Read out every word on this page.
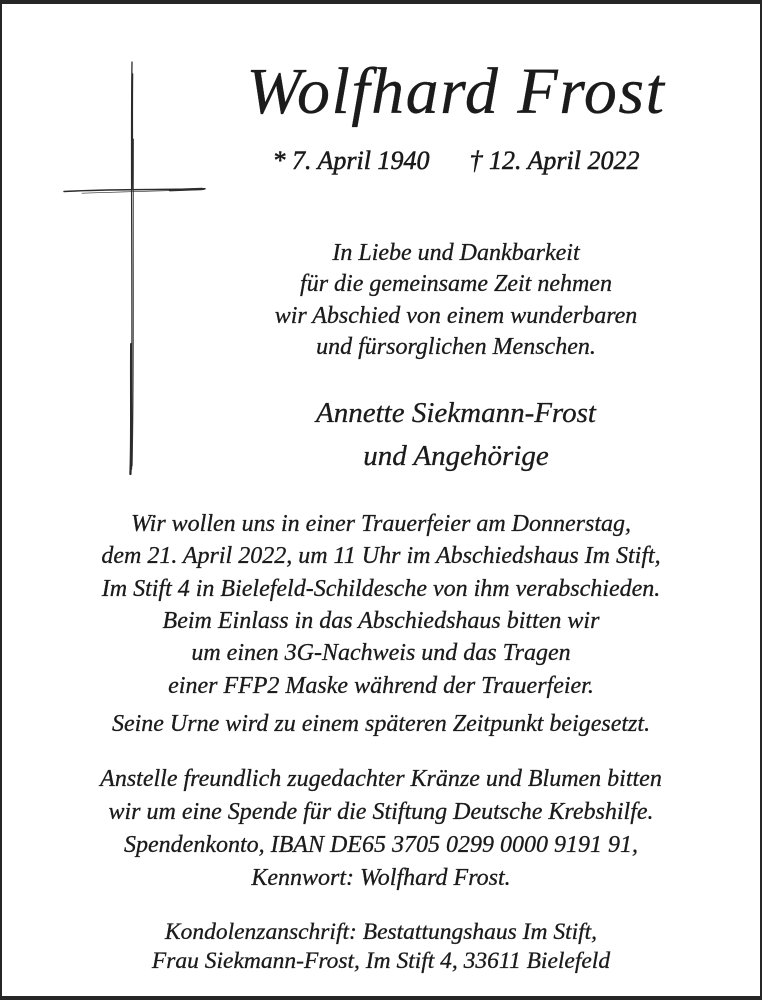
Wolfhard Frost
* 7. April 1940 † 12. April 2022
In Liebe und Dankbarkeit
für die gemeinsame Zeit nehmen
wir Abschied von einem wunderbaren
und fürsorglichen Menschen.
Annette Siekmann-Frost
und Angehörige
Wir wollen uns in einer Trauerfeier am Donnerstag,
dem 21. April 2022, um 11 Uhr im Abschiedshaus Im Stift,
Im Stift 4 in Bielefeld-Schildesche von ihm verabschieden.
Beim Einlass in das Abschiedshaus bitten wir
um einen 3G-Nachweis und das Tragen
einer FFP2 Maske während der Trauerfeier.

Seine Urne wird zu einem späteren Zeitpunkt beigesetzt.

Anstelle freundlich zugedachter Kränze und Blumen bitten
wir um eine Spende für die Stiftung Deutsche Krebshilfe.
Spendenkonto, IBAN DE65 3705 0299 0000 9191 91,
Kennwort: Wolfhard Frost.
Kondolenzanschrift: Bestattungshaus Im Stift,
Frau Siekmann-Frost, Im Stift 4, 33611 Bielefeld
